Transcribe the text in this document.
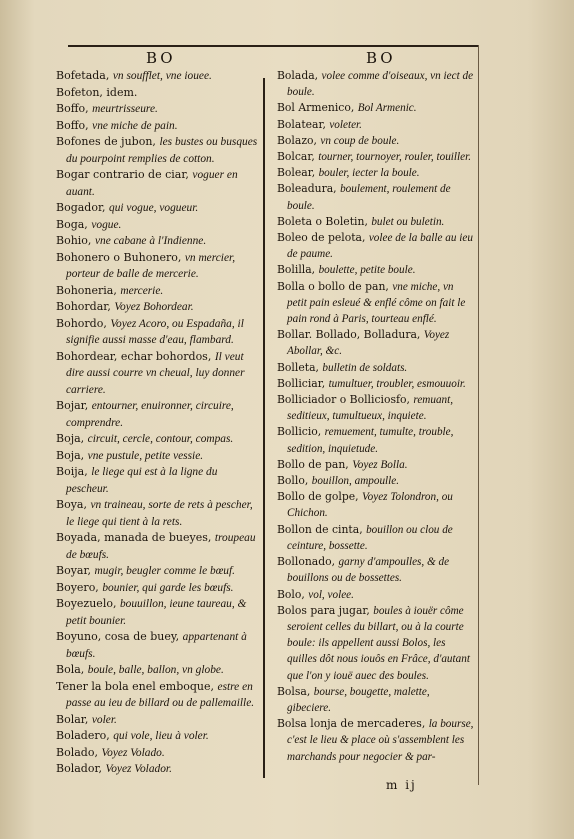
BO	BO
Bofetada, vn soufflet, vne iouee.
Bofeton, idem.
Boffo, meurtrisseure.
Boffo, vne miche de pain.
Bofones de jubon, les bustes ou busques du pourpoint remplies de cotton.
Bogar contrario de ciar, voguer en auant.
Bogador, qui vogue, vogueur.
Boga, vogue.
Bohio, vne cabane à l'Indienne.
Bohonero o Buhonero, vn mercier, porteur de balle de mercerie.
Bohoneria, mercerie.
Bohordar, Voyez Bohordear.
Bohordo, Voyez Acoro, ou Espadaña, il signifie aussi masse d'eau, flambard.
Bohordear, echar bohordos, Il veut dire aussi courre vn cheual, luy donner carriere.
Bojar, entourner, enuironner, circuire, comprendre.
Boja, circuit, cercle, contour, compas.
Boja, vne pustule, petite vessie.
Boija, le liege qui est à la ligne du pescheur.
Boya, vn traineau, sorte de rets à pescher, le liege qui tient à la rets.
Boyada, manada de bueyes, troupeau de bœufs.
Boyar, mugir, beugler comme le bœuf.
Boyero, bounier, qui garde les bœufs.
Boyezuelo, bouuillon, ieune taureau, & petit bounier.
Boyuno, cosa de buey, appartenant à bœufs.
Bola, boule, balle, ballon, vn globe.
Tener la bola enel emboque, estre en passe au ieu de billard ou de pallemaille.
Bolar, voler.
Boladero, qui vole, lieu à voler.
Bolado, Voyez Volado.
Bolador, Voyez Volador.
Bolada, volee comme d'oiseaux, vn iect de boule.
Bol Armenico, Bol Armenic.
Bolatear, voleter.
Bolazo, vn coup de boule.
Bolcar, tourner, tournoyer, rouler, touiller.
Bolear, bouler, iecter la boule.
Boleadura, boulement, roulement de boule.
Boleta o Boletin, bulet ou buletin.
Boleo de pelota, volee de la balle au ieu de paume.
Bolilla, boulette, petite boule.
Bolla o bollo de pan, vne miche, vn petit pain esleué & enflé côme on fait le pain rond à Paris, tourteau enflé.
Bollar. Bollado, Bolladura, Voyez Abollar, &c.
Bolleta, bulletin de soldats.
Bolliciar, tumultuer, troubler, esmouuoir.
Bolliciador o Bolliciosfo, remuant, seditieux, tumultueux, inquiete.
Bollicio, remuement, tumulte, trouble, sedition, inquietude.
Bollo de pan, Voyez Bolla.
Bollo, bouillon, ampoulle.
Bollo de golpe, Voyez Tolondron, ou Chichon.
Bollon de cinta, bouillon ou clou de ceinture, bossette.
Bollonado, garny d'ampoulles, & de bouillons ou de bossettes.
Bolo, vol, volee.
Bolos para jugar, boules à iouër côme seroient celles du billart, ou à la courte boule: ils appellent aussi Bolos, les quilles dôt nous iouôs en Frâce, d'autant que l'on y iouë auec des boules.
Bolsa, bourse, bougette, malette, gibeciere.
Bolsa lonja de mercaderes, la bourse, c'est le lieu & place où s'assemblent les marchands pour negocier & par-
m ij
